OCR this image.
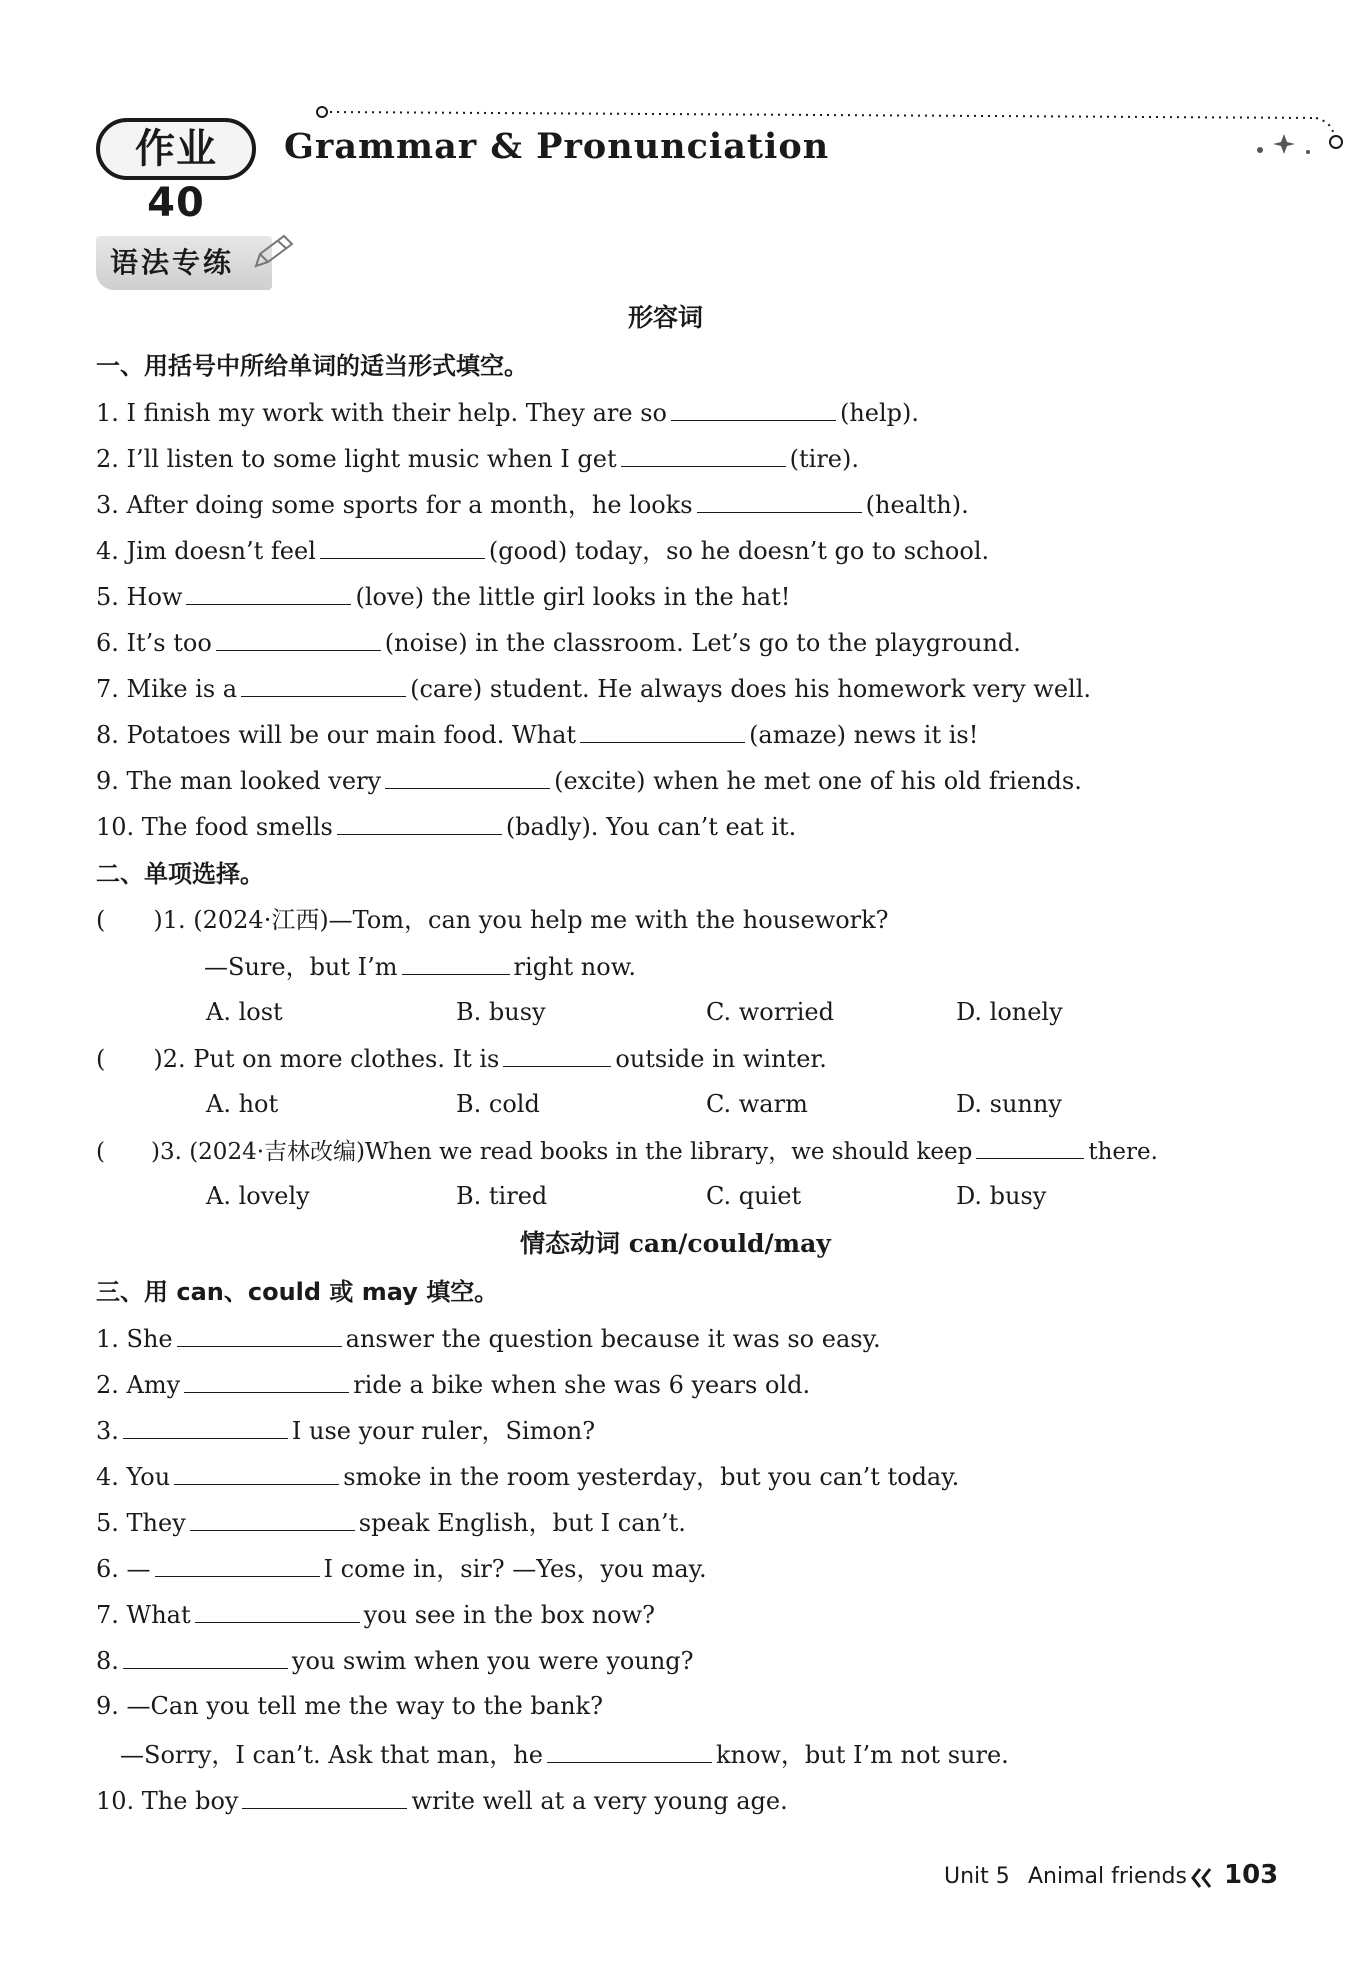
作业 40
Grammar & Pronunciation
语法专练
形容词
一、用括号中所给单词的适当形式填空。
1. I finish my work with their help. They are so	(help).
2. I’ll listen to some light music when I get	(tire).
3. After doing some sports for a month，he looks	(health).
4. Jim doesn’t feel	(good) today，so he doesn’t go to school.
5. How	(love) the little girl looks in the hat!
6. It’s too	(noise) in the classroom. Let’s go to the playground.
7. Mike is a	(care) student. He always does his homework very well.
8. Potatoes will be our main food. What	(amaze) news it is!
9. The man looked very	(excite) when he met one of his old friends.
10. The food smells	(badly). You can’t eat it.
二、单项选择。
(　　)1. (2024·江西)—Tom，can you help me with the housework?
—Sure，but I’m	right now.
A. lost	B. busy	C. worried	D. lonely
(　　)2. Put on more clothes. It is	outside in winter.
A. hot	B. cold	C. warm	D. sunny
(　　)3. (2024·吉林改编)When we read books in the library，we should keep	there.
A. lovely	B. tired	C. quiet	D. busy
情态动词 can/could/may
三、用 can、could 或 may 填空。
1. She	answer the question because it was so easy.
2. Amy	ride a bike when she was 6 years old.
3.	I use your ruler，Simon?
4. You	smoke in the room yesterday，but you can’t today.
5. They	speak English，but I can’t.
6. —	I come in，sir? —Yes，you may.
7. What	you see in the box now?
8.	you swim when you were young?
9. —Can you tell me the way to the bank?
—Sorry，I can’t. Ask that man，he	know，but I’m not sure.
10. The boy	write well at a very young age.
Unit 5 Animal friends 103
